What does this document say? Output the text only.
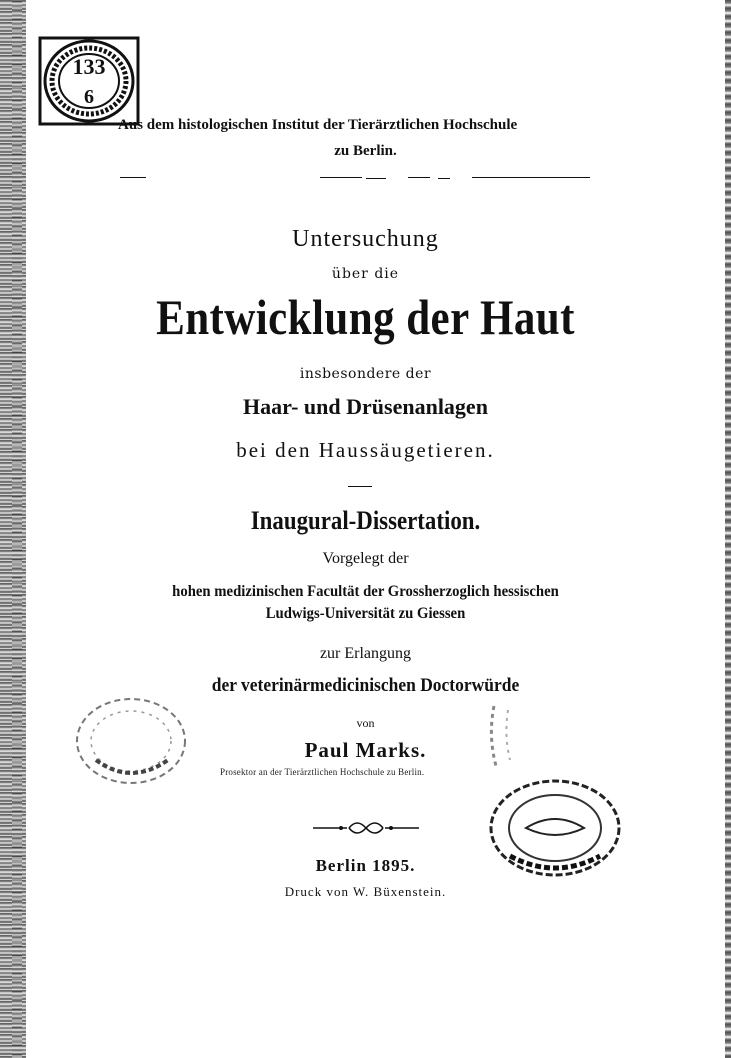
133
6
Aus dem histologischen Institut der Tierärztlichen Hochschule
zu Berlin.
Untersuchung
über die
Entwicklung der Haut
insbesondere der
Haar- und Drüsenanlagen
bei den Haussäugetieren.
Inaugural-Dissertation.
Vorgelegt der
hohen medizinischen Facultät der Grossherzoglich hessischen
Ludwigs-Universität zu Giessen
zur Erlangung
der veterinärmedicinischen Doctorwürde
von
Paul Marks.
Prosektor an der Tierärztlichen Hochschule zu Berlin.
Berlin 1895.
Druck von W. Büxenstein.
